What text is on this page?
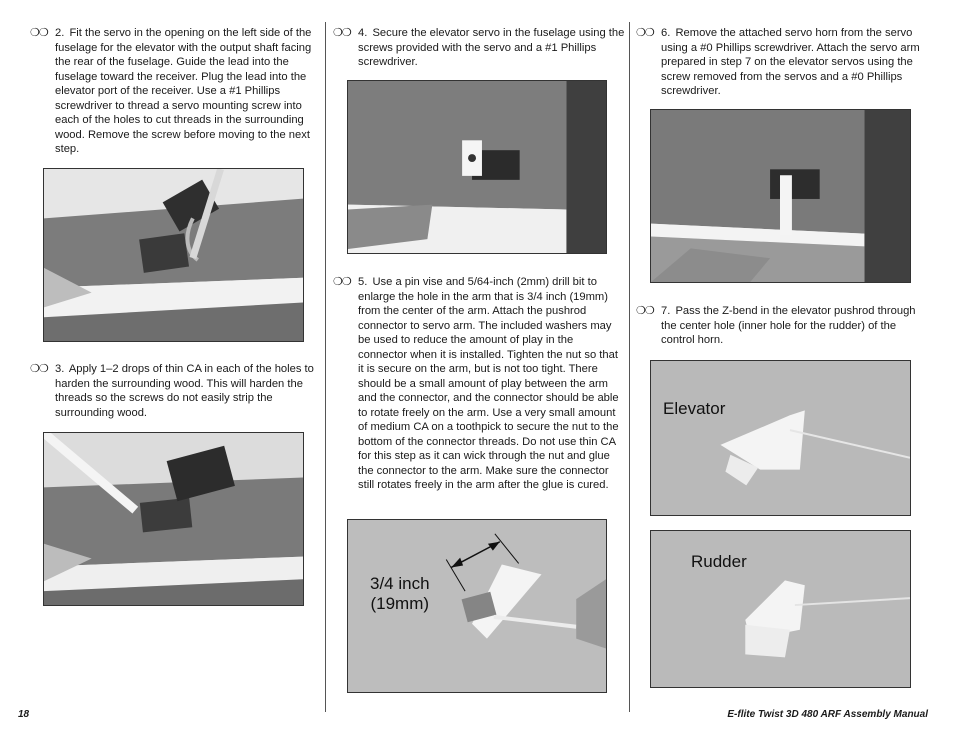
❍❍ 2. Fit the servo in the opening on the left side of the fuselage for the elevator with the output shaft facing the rear of the fuselage. Guide the lead into the fuselage toward the receiver. Plug the lead into the elevator port of the receiver. Use a #1 Phillips screwdriver to thread a servo mounting screw into each of the holes to cut threads in the surrounding wood. Remove the screw before moving to the next step.
❍❍ 3. Apply 1–2 drops of thin CA in each of the holes to harden the surrounding wood. This will harden the threads so the screws do not easily strip the surrounding wood.
❍❍ 4. Secure the elevator servo in the fuselage using the screws provided with the servo and a #1 Phillips screwdriver.
❍❍ 5. Use a pin vise and 5/64-inch (2mm) drill bit to enlarge the hole in the arm that is 3/4 inch (19mm) from the center of the arm. Attach the pushrod connector to servo arm. The included washers may be used to reduce the amount of play in the connector when it is installed. Tighten the nut so that it is secure on the arm, but is not too tight. There should be a small amount of play between the arm and the connector, and the connector should be able to rotate freely on the arm. Use a very small amount of medium CA on a toothpick to secure the nut to the bottom of the connector threads. Do not use thin CA for this step as it can wick through the nut and glue the connector to the arm. Make sure the connector still rotates freely in the arm after the glue is cured.
3/4 inch
(19mm)
❍❍ 6. Remove the attached servo horn from the servo using a #0 Phillips screwdriver. Attach the servo arm prepared in step 7 on the elevator servos using the screw removed from the servos and a #0 Phillips screwdriver.
❍❍ 7. Pass the Z-bend in the elevator pushrod through the center hole (inner hole for the rudder) of the control horn.
Elevator
Rudder
18	E-flite Twist 3D 480 ARF Assembly Manual
